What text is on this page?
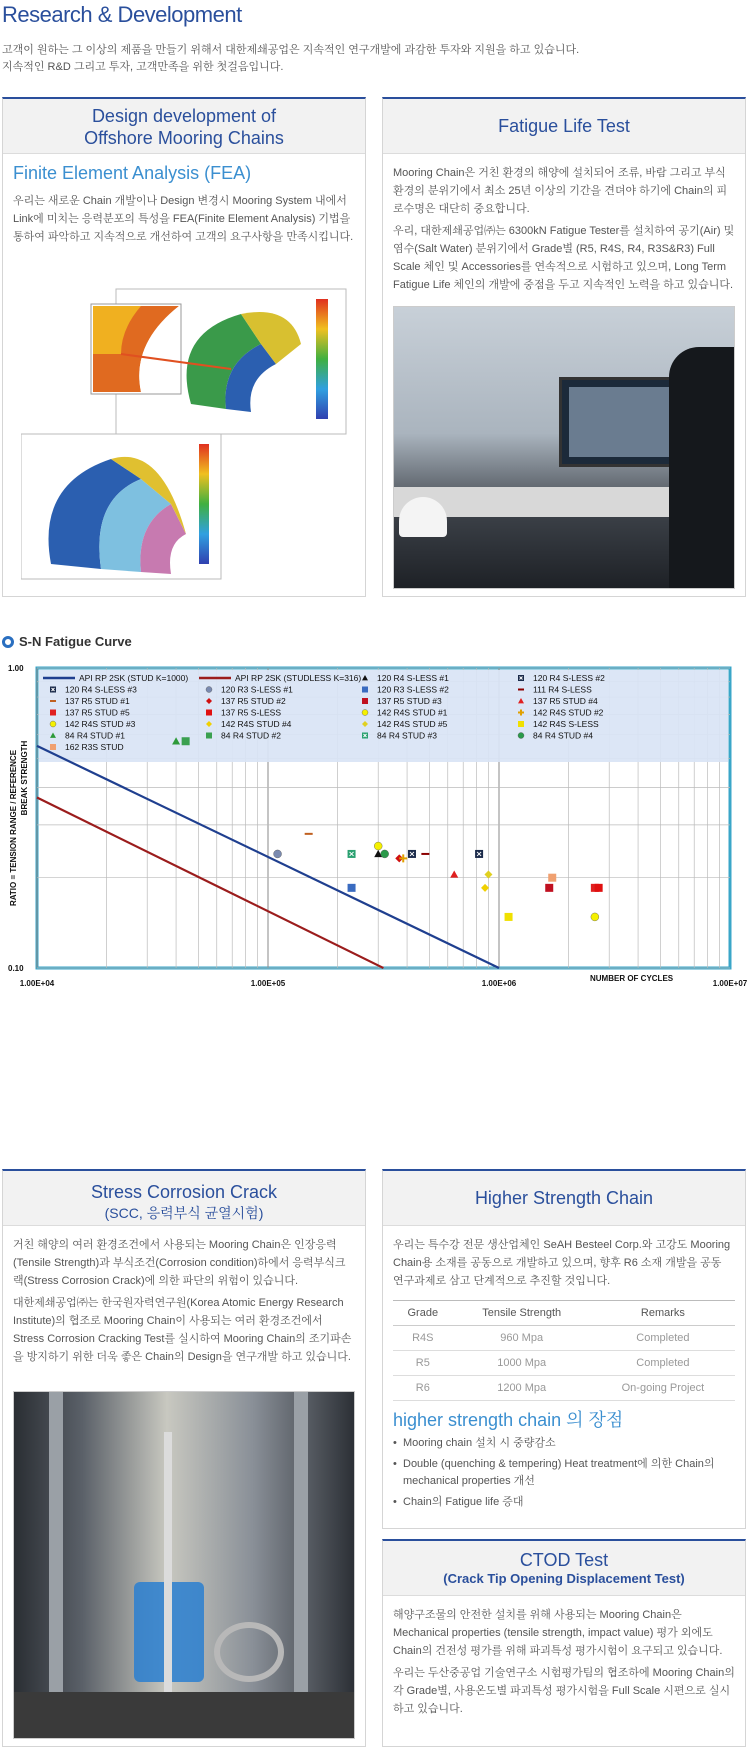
Research & Development

고객이 원하는 그 이상의 제품을 만들기 위해서 대한제쇄공업은 지속적인 연구개발에 과감한 투자와 지원을 하고 있습니다.

지속적인 R&D 그리고 투자, 고객만족을 위한 첫걸음입니다.

Design development of
Offshore Mooring Chains
Finite Element Analysis (FEA)

우리는 새로운 Chain 개발이나 Design 변경시 Mooring System 내에서 Link에 미치는 응력분포의 특성을 FEA(Finite Element Analysis) 기법을 통하여 파악하고 지속적으로 개선하여 고객의 요구사항을 만족시킵니다.

Fatigue Life Test

Mooring Chain은 거친 환경의 해양에 설치되어 조류, 바람 그리고 부식환경의 분위기에서 최소 25년 이상의 기간을 견뎌야 하기에 Chain의 피로수명은 대단히 중요합니다.

우리, 대한제쇄공업㈜는 6300kN Fatigue Tester를 설치하여 공기(Air) 및 염수(Salt Water) 분위기에서 Grade별 (R5, R4S, R4, R3S&R3) Full Scale 체인 및 Accessories를 연속적으로 시험하고 있으며, Long Term Fatigue Life 체인의 개발에 중점을 두고 지속적인 노력을 하고 있습니다.

S-N Fatigue Curve
API RP 2SK (STUD K=1000)	API RP 2SK (STUDLESS K=316) 120 R4 S-LESS #1	120 R4 S-LESS #2
120 R4 S-LESS #3	120 R3 S-LESS #1	120 R3 S-LESS #2	111 R4 S-LESS
137 R5 STUD #1	137 R5 STUD #2	137 R5 STUD #3	137 R5 STUD #4
137 R5 STUD #5	137 R5 S-LESS	142 R4S STUD #1	142 R4S STUD #2
142 R4S STUD #3	142 R4S STUD #4	142 R4S STUD #5	142 R4S S-LESS
84 R4 STUD #1	84 R4 STUD #2	84 R4 STUD #3	84 R4 STUD #4
162 R3S STUD
1.00E+04	1.00E+05	1.00E+06	1.00E+07
1.00
0.10
NUMBER OF CYCLES
RATIO = TENSION RANGE / REFERENCE BREAK STRENGTH
Stress Corrosion Crack
(SCC, 응력부식 균열시험)

거친 해양의 여러 환경조건에서 사용되는 Mooring Chain은 인장응력(Tensile Strength)과 부식조건(Corrosion condition)하에서 응력부식크랙(Stress Corrosion Crack)에 의한 파단의 위험이 있습니다.

대한제쇄공업㈜는 한국원자력연구원(Korea Atomic Energy Research Institute)의 협조로 Mooring Chain이 사용되는 여러 환경조건에서 Stress Corrosion Cracking Test를 실시하여 Mooring Chain의 조기파손을 방지하기 위한 더욱 좋은 Chain의 Design을 연구개발 하고 있습니다.

Higher Strength Chain

우리는 특수강 전문 생산업체인 SeAH Besteel Corp.와 고강도 Mooring Chain용 소재를 공동으로 개발하고 있으며, 향후 R6 소재 개발을 공동 연구과제로 삼고 단계적으로 추진할 것입니다.

Grade	Tensile Strength	Remarks
R4S	960 Mpa	Completed
R5	1000 Mpa	Completed
R6	1200 Mpa	On-going Project
higher strength chain 의 장점
• Mooring chain 설치 시 중량감소
• Double (quenching & tempering) Heat treatment에 의한 Chain의 mechanical properties 개선
• Chain의 Fatigue life 증대
CTOD Test
(Crack Tip Opening Displacement Test)

해양구조물의 안전한 설치를 위해 사용되는 Mooring Chain은 Mechanical properties (tensile strength, impact value) 평가 외에도 Chain의 건전성 평가를 위해 파괴특성 평가시험이 요구되고 있습니다.

우리는 두산중공업 기술연구소 시험평가팀의 협조하에 Mooring Chain의 각 Grade별, 사용온도별 파괴특성 평가시험을 Full Scale 시편으로 실시하고 있습니다.
